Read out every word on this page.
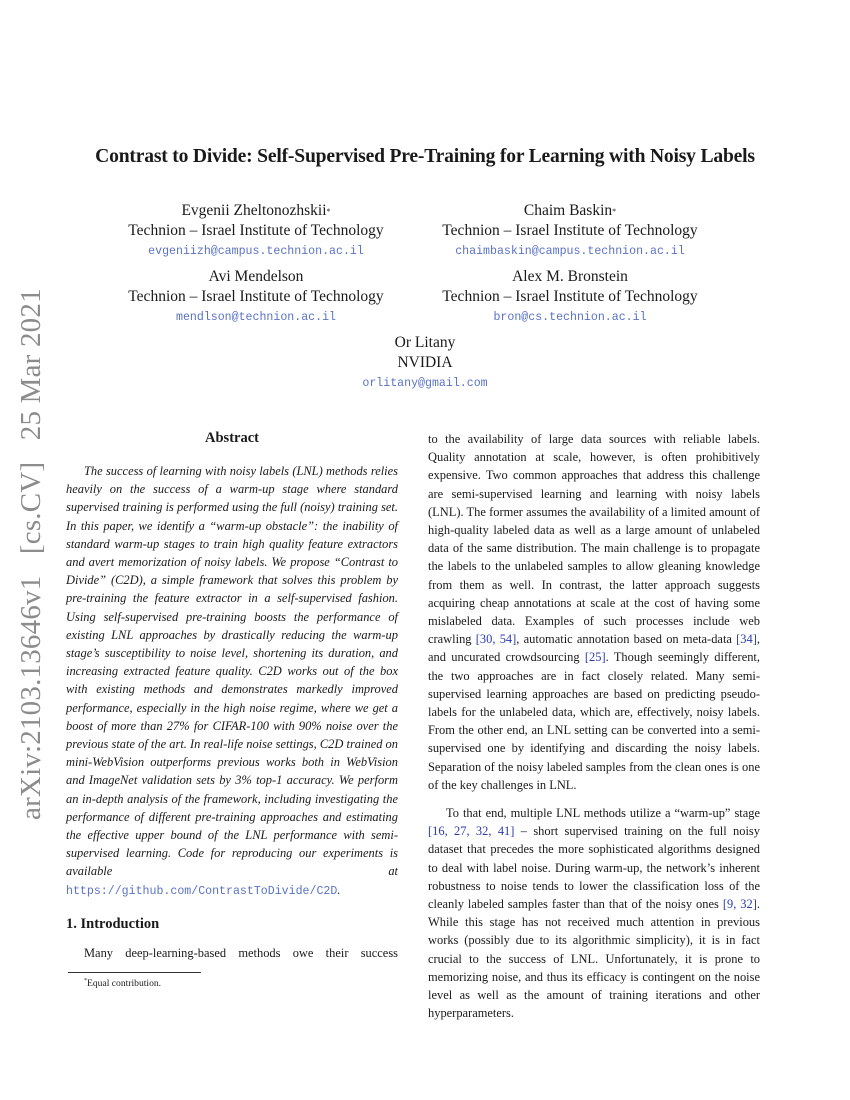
arXiv:2103.13646v1 [cs.CV] 25 Mar 2021
Contrast to Divide: Self-Supervised Pre-Training for Learning with Noisy Labels
Evgenii Zheltonozhskii*
Technion – Israel Institute of Technology
evgeniizh@campus.technion.ac.il
Chaim Baskin*
Technion – Israel Institute of Technology
chaimbaskin@campus.technion.ac.il
Avi Mendelson
Technion – Israel Institute of Technology
mendlson@technion.ac.il
Alex M. Bronstein
Technion – Israel Institute of Technology
bron@cs.technion.ac.il
Or Litany
NVIDIA
orlitany@gmail.com
Abstract

The success of learning with noisy labels (LNL) methods relies heavily on the success of a warm-up stage where standard supervised training is performed using the full (noisy) training set. In this paper, we identify a “warm-up obstacle”: the inability of standard warm-up stages to train high quality feature extractors and avert memorization of noisy labels. We propose “Contrast to Divide” (C2D), a simple framework that solves this problem by pre-training the feature extractor in a self-supervised fashion. Using self-supervised pre-training boosts the performance of existing LNL approaches by drastically reducing the warm-up stage’s susceptibility to noise level, shortening its duration, and increasing extracted feature quality. C2D works out of the box with existing methods and demonstrates markedly improved performance, especially in the high noise regime, where we get a boost of more than 27% for CIFAR-100 with 90% noise over the previous state of the art. In real-life noise settings, C2D trained on mini-WebVision outperforms previous works both in WebVision and ImageNet validation sets by 3% top-1 accuracy. We perform an in-depth analysis of the framework, including investigating the performance of different pre-training approaches and estimating the effective upper bound of the LNL performance with semi-supervised learning. Code for reproducing our experiments is available at https://github.com/ContrastToDivide/C2D.

1. Introduction

Many deep-learning-based methods owe their success

*Equal contribution.

to the availability of large data sources with reliable labels. Quality annotation at scale, however, is often prohibitively expensive. Two common approaches that address this challenge are semi-supervised learning and learning with noisy labels (LNL). The former assumes the availability of a limited amount of high-quality labeled data as well as a large amount of unlabeled data of the same distribution. The main challenge is to propagate the labels to the unlabeled samples to allow gleaning knowledge from them as well. In contrast, the latter approach suggests acquiring cheap annotations at scale at the cost of having some mislabeled data. Examples of such processes include web crawling [30, 54], automatic annotation based on meta-data [34], and uncurated crowdsourcing [25]. Though seemingly different, the two approaches are in fact closely related. Many semi-supervised learning approaches are based on predicting pseudo-labels for the unlabeled data, which are, effectively, noisy labels. From the other end, an LNL setting can be converted into a semi-supervised one by identifying and discarding the noisy labels. Separation of the noisy labeled samples from the clean ones is one of the key challenges in LNL.

To that end, multiple LNL methods utilize a “warm-up” stage [16, 27, 32, 41] – short supervised training on the full noisy dataset that precedes the more sophisticated algorithms designed to deal with label noise. During warm-up, the network’s inherent robustness to noise tends to lower the classification loss of the cleanly labeled samples faster than that of the noisy ones [9, 32]. While this stage has not received much attention in previous works (possibly due to its algorithmic simplicity), it is in fact crucial to the success of LNL. Unfortunately, it is prone to memorizing noise, and thus its efficacy is contingent on the noise level as well as the amount of training iterations and other hyperparameters.
